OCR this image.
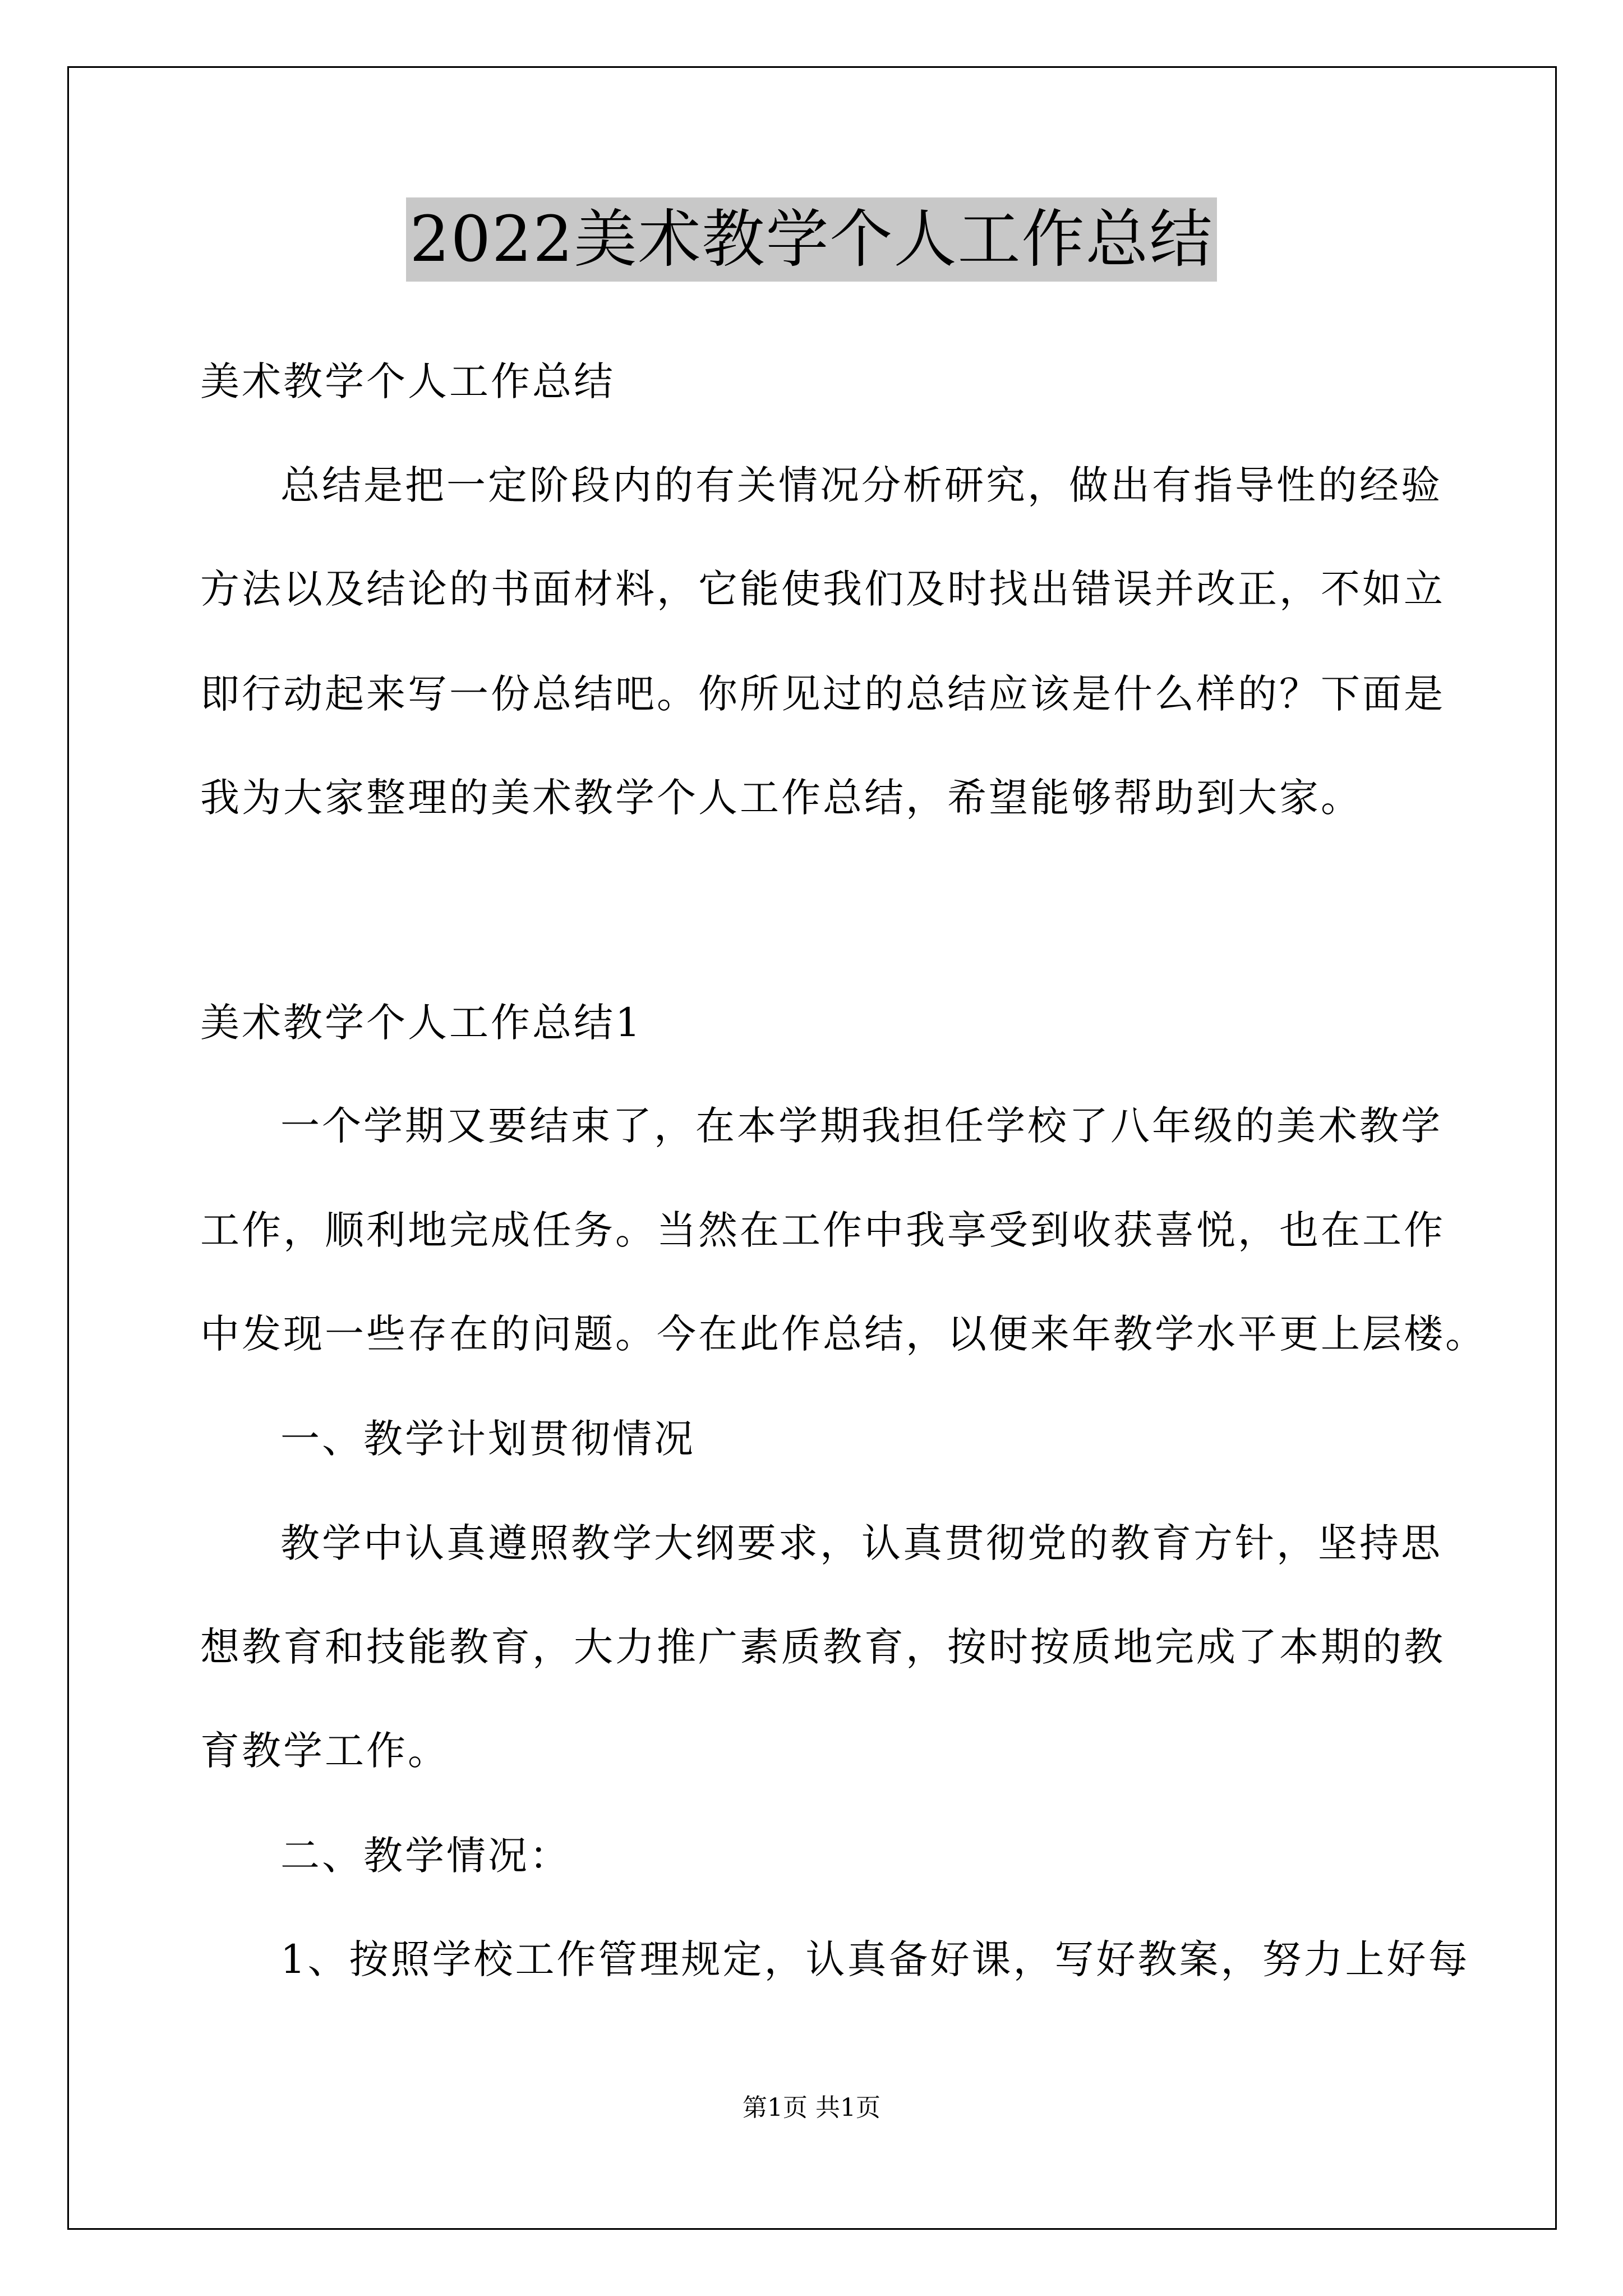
2022美术教学个人工作总结
美术教学个人工作总结
总结是把一定阶段内的有关情况分析研究，做出有指导性的经验
方法以及结论的书面材料，它能使我们及时找出错误并改正，不如立
即行动起来写一份总结吧。你所见过的总结应该是什么样的？下面是
我为大家整理的美术教学个人工作总结，希望能够帮助到大家。
美术教学个人工作总结1
一个学期又要结束了，在本学期我担任学校了八年级的美术教学
工作，顺利地完成任务。当然在工作中我享受到收获喜悦，也在工作
中发现一些存在的问题。今在此作总结，以便来年教学水平更上层楼。
一、教学计划贯彻情况
教学中认真遵照教学大纲要求，认真贯彻党的教育方针，坚持思
想教育和技能教育，大力推广素质教育，按时按质地完成了本期的教
育教学工作。
二、教学情况：
1、按照学校工作管理规定，认真备好课，写好教案，努力上好每
第1页 共1页
